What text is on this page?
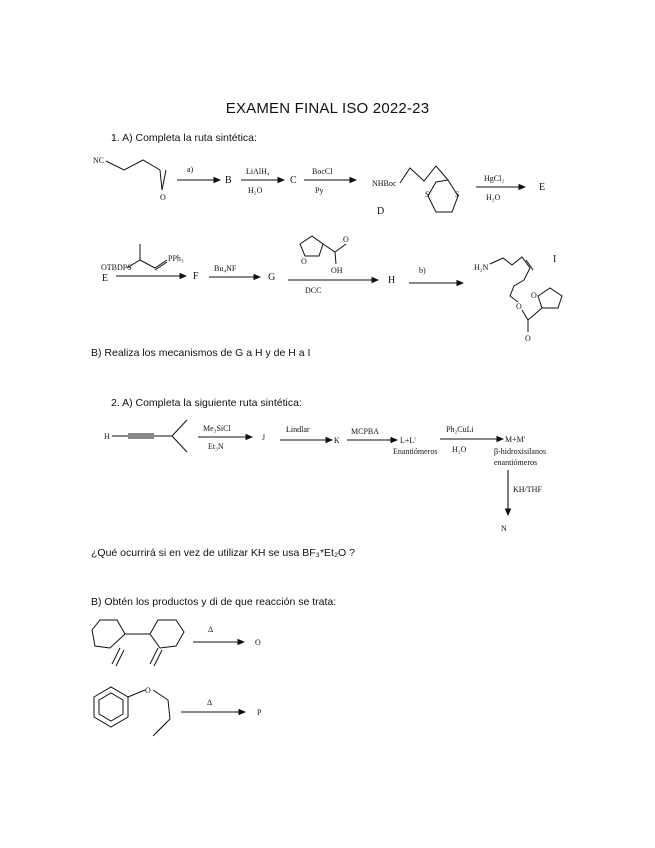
EXAMEN FINAL ISO 2022-23
1. A) Completa la ruta sintética:
B) Realiza los mecanismos de G a H y de H a I
2. A) Completa la siguiente ruta sintética:
¿Qué ocurrirá si en vez de utilizar KH se usa BF₃*Et₂O ?
B) Obtén los productos y di de que reacción se trata:
NC
O
a)
B
LiAlH₄
H₂O
C
BocCl
Py
NHBoc
S	S
D
HgCl₂
H₂O
E
OTBDPS
PPh₃
E	F
Bu₄NF
G
O
OH
O
DCC
H
b)	H₂N
O
O
O
I
H
Me₃SiCl
Et₃N
J
Lindlar
K
MCPBA
L+L'
Enantiómeros
Ph₂CuLi
H₂O
M+M'
β-hidroxisilanos
enantiómeros
KH/THF
N
Δ
O
O
Δ
P
